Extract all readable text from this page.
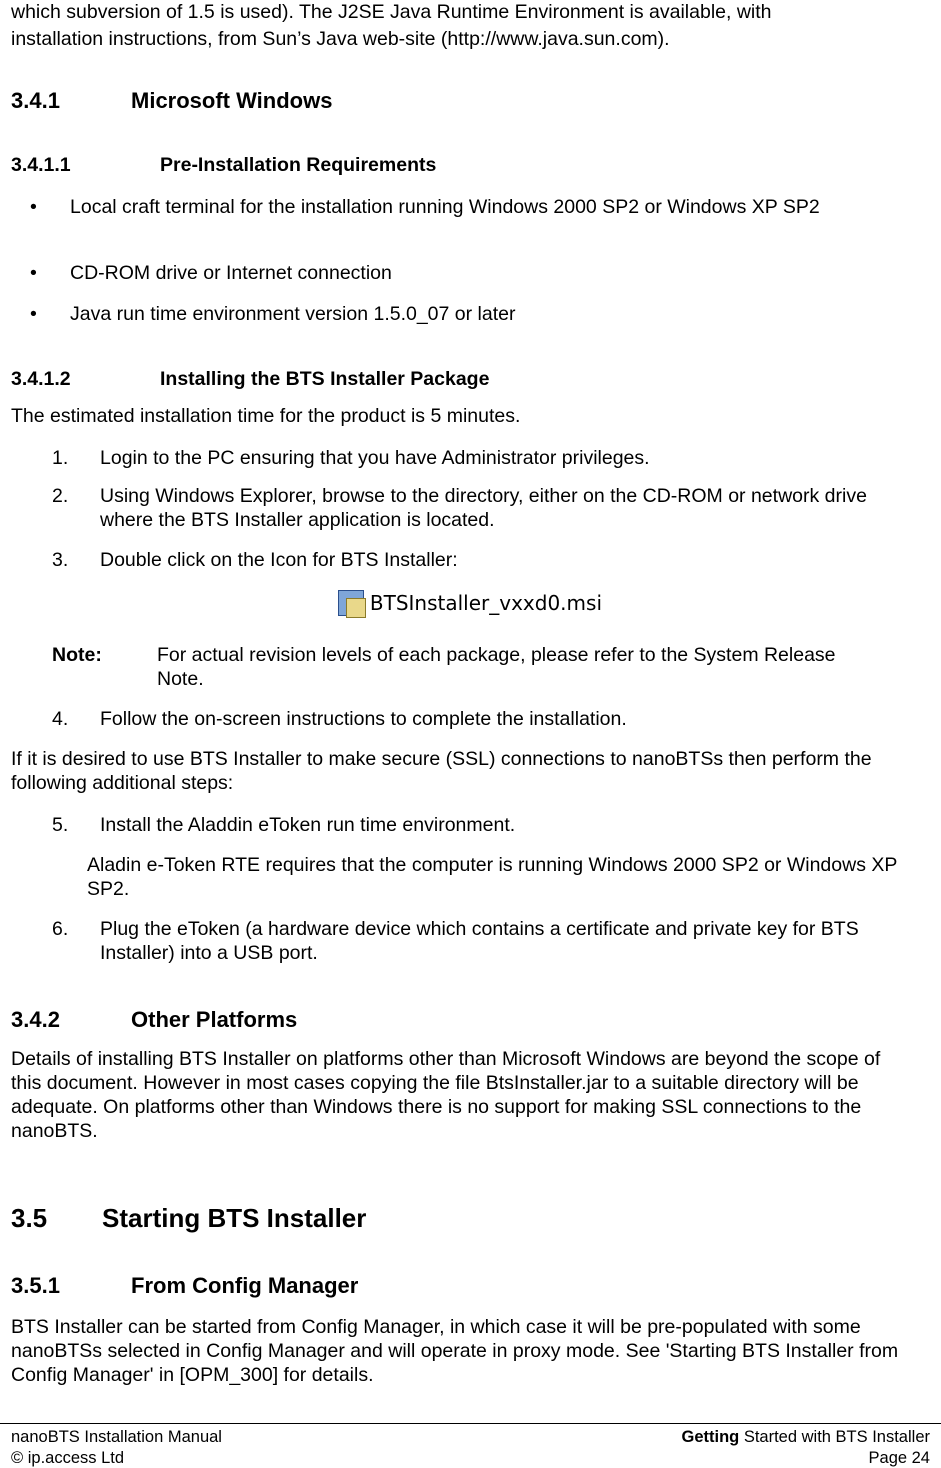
which subversion of 1.5 is used). The J2SE Java Runtime Environment is available, with

installation instructions, from Sun’s Java web-site (http://www.java.sun.com).

3.4.1	Microsoft Windows
3.4.1.1	Pre-Installation Requirements
• Local craft terminal for the installation running Windows 2000 SP2 or Windows XP SP2

• CD-ROM drive or Internet connection

• Java run time environment version 1.5.0_07 or later

3.4.1.2	Installing the BTS Installer Package

The estimated installation time for the product is 5 minutes.

1. Login to the PC ensuring that you have Administrator privileges.

2. Using Windows Explorer, browse to the directory, either on the CD-ROM or network drive where the BTS Installer application is located.

3. Double click on the Icon for BTS Installer:

BTSInstaller_vxxd0.msi
Note:	For actual revision levels of each package, please refer to the System Release Note.

4. Follow the on-screen instructions to complete the installation.

If it is desired to use BTS Installer to make secure (SSL) connections to nanoBTSs then perform the following additional steps:

5. Install the Aladdin eToken run time environment.

Aladin e-Token RTE requires that the computer is running Windows 2000 SP2 or Windows XP SP2.

6. Plug the eToken (a hardware device which contains a certificate and private key for BTS Installer) into a USB port.

3.4.2	Other Platforms

Details of installing BTS Installer on platforms other than Microsoft Windows are beyond the scope of this document. However in most cases copying the file BtsInstaller.jar to a suitable directory will be adequate. On platforms other than Windows there is no support for making SSL connections to the nanoBTS.

3.5 Starting BTS Installer
3.5.1	From Config Manager

BTS Installer can be started from Config Manager, in which case it will be pre-populated with some nanoBTSs selected in Config Manager and will operate in proxy mode. See 'Starting BTS Installer from Config Manager' in [OPM_300] for details.

nanoBTS Installation Manual
© ip.access Ltd
Getting Started with BTS Installer
Page 24
